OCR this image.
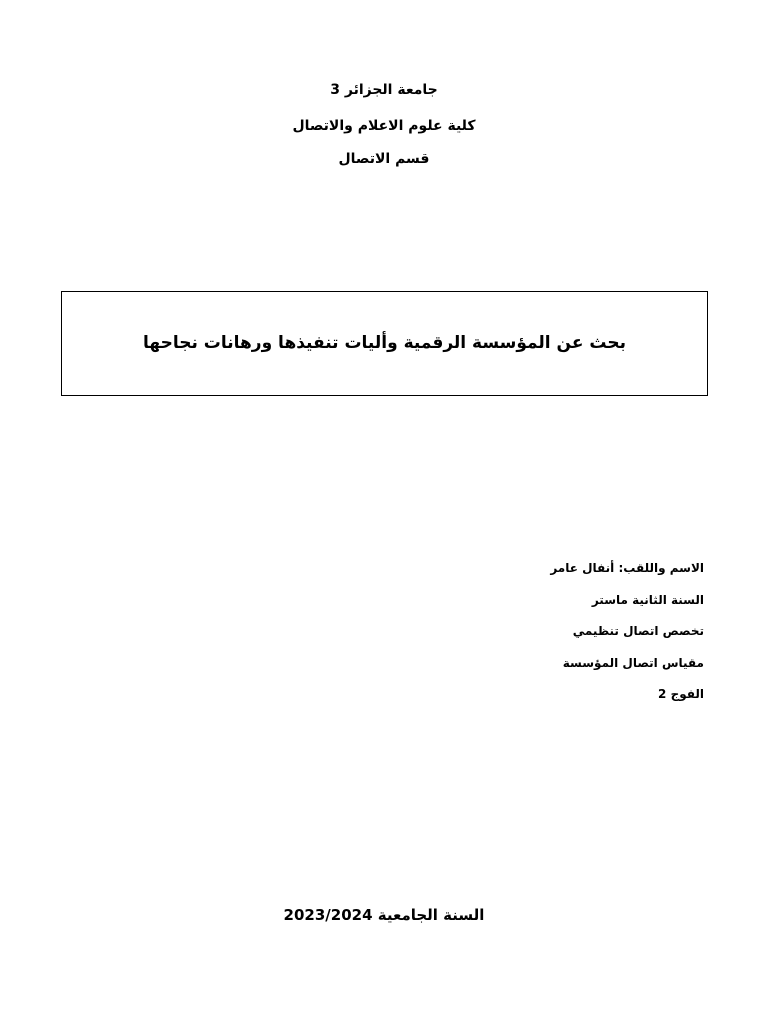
جامعة الجزائر 3
كلية علوم الاعلام والاتصال
قسم الاتصال
بحث عن المؤسسة الرقمية وأليات تنفيذها ورهانات نجاحها
الاسم واللقب: أنفال عامر
السنة الثانية ماستر
تخصص اتصال تنظيمي
مقياس اتصال المؤسسة
الفوج 2
السنة الجامعية 2023/2024
